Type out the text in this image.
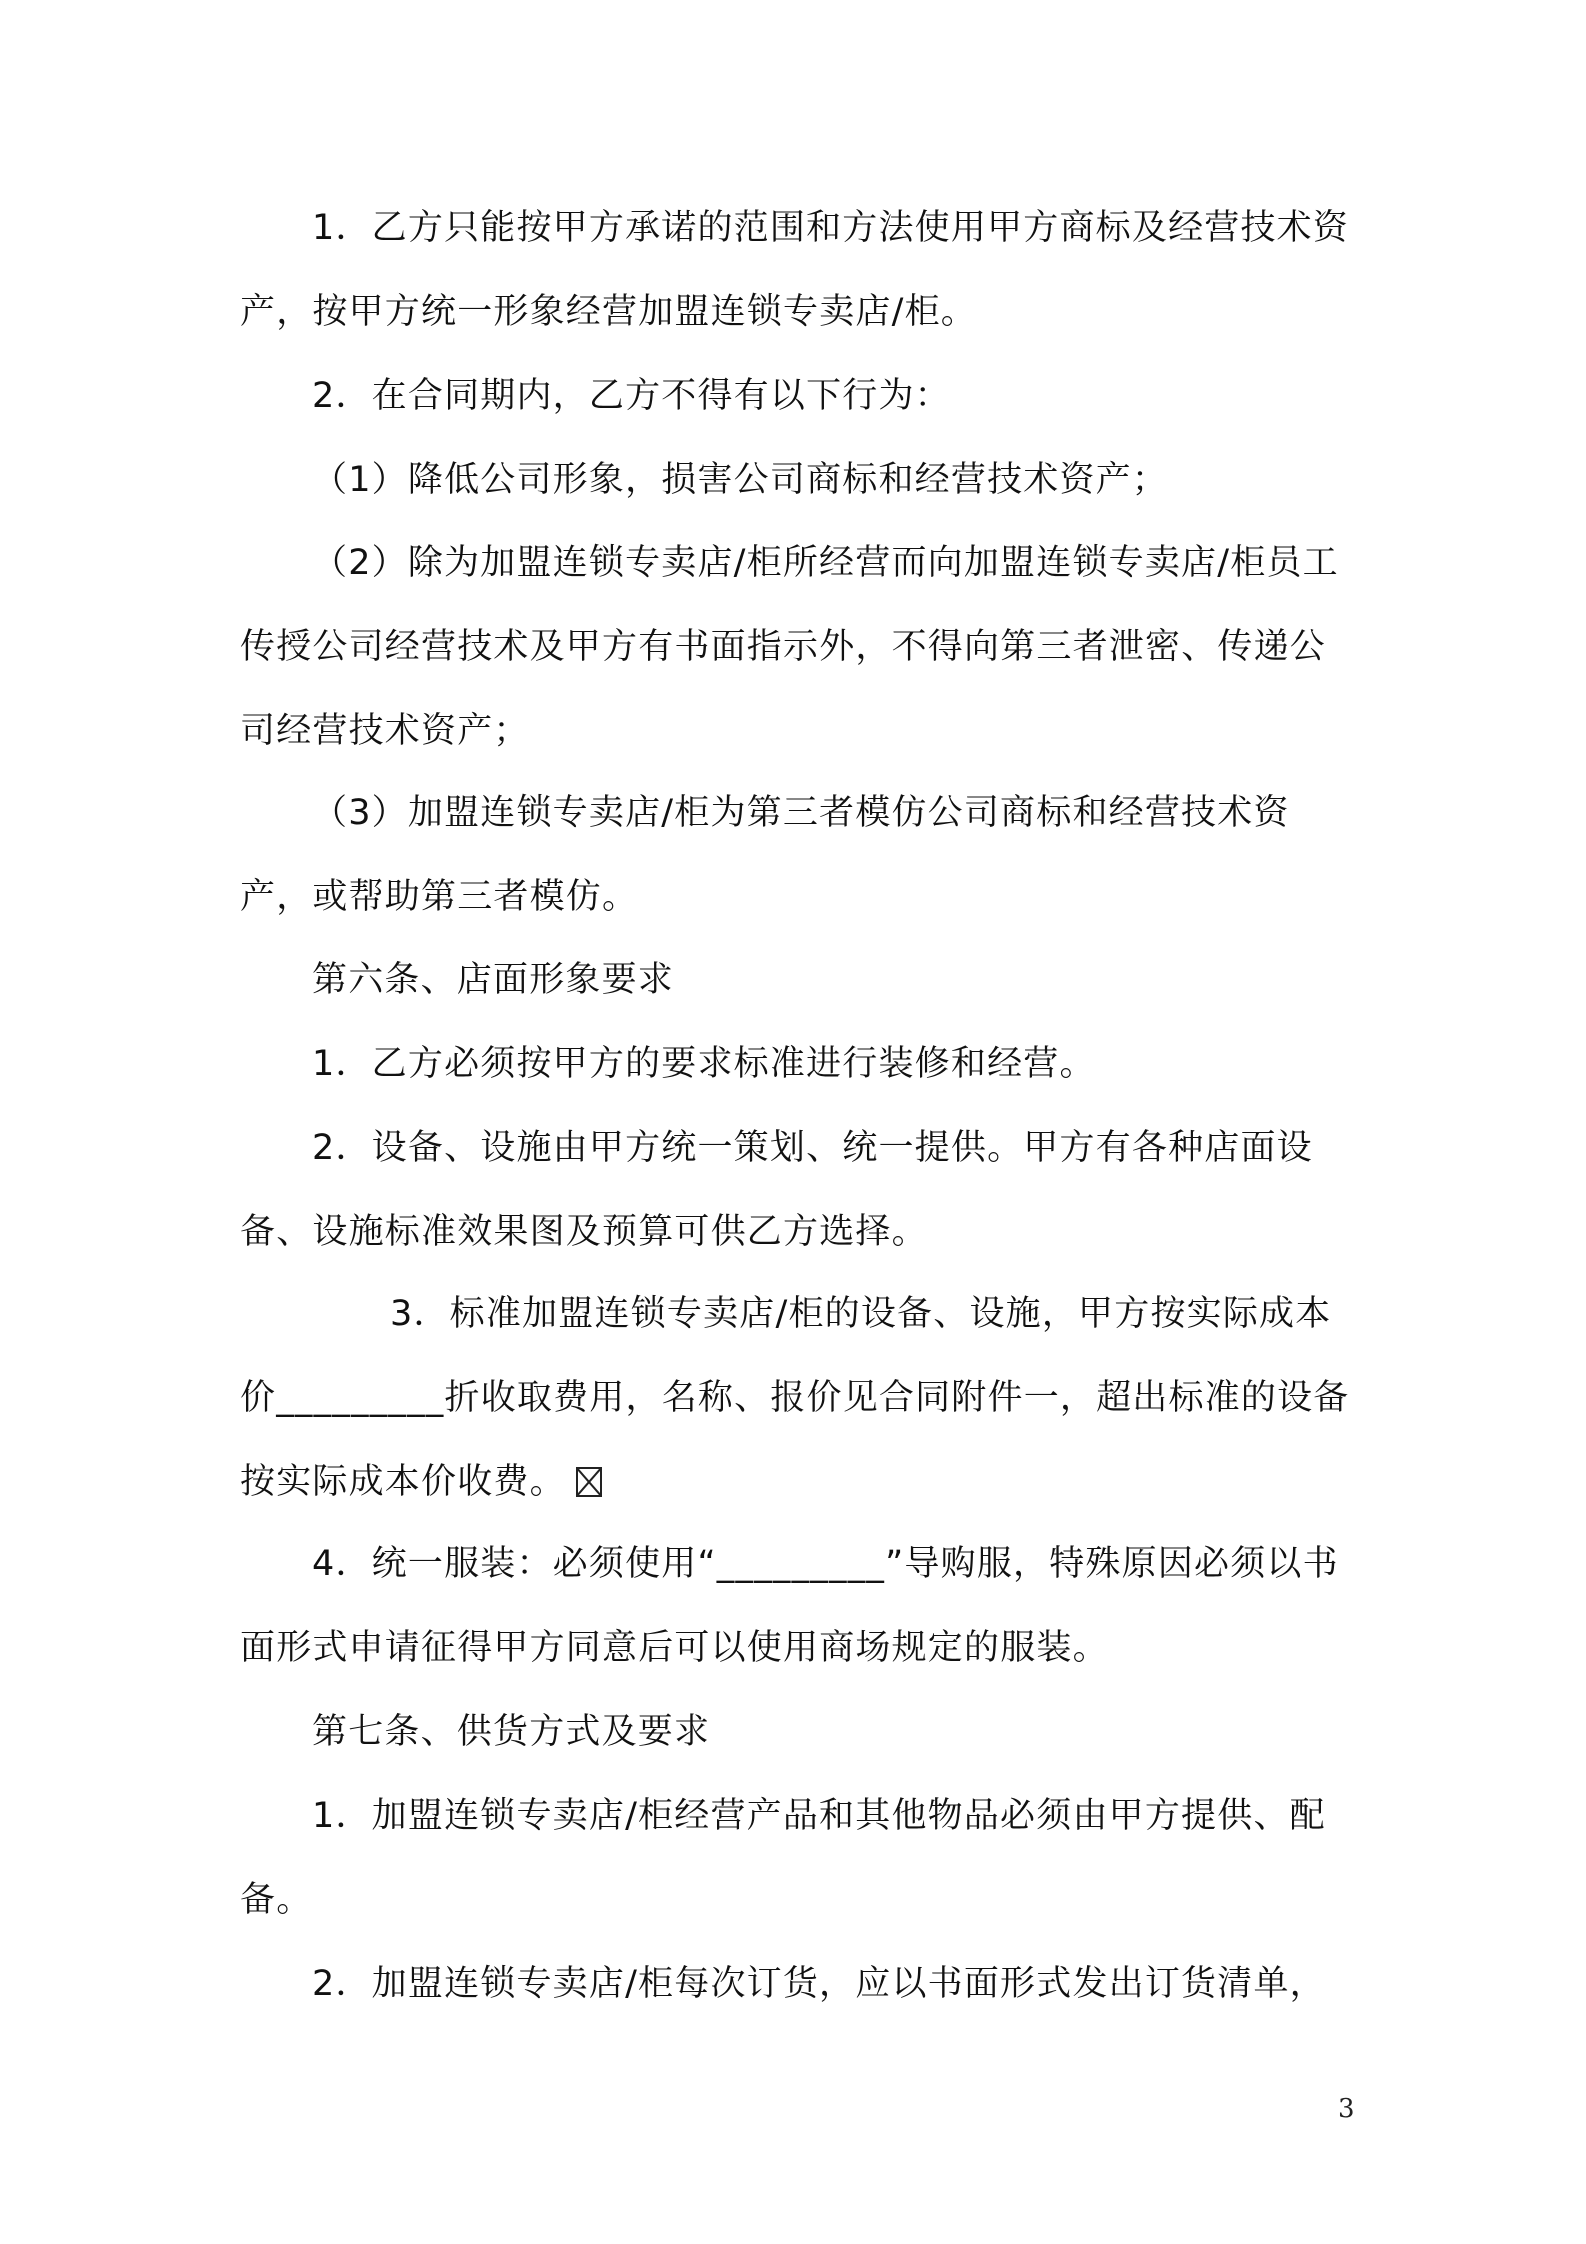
1．乙方只能按甲方承诺的范围和方法使用甲方商标及经营技术资产，按甲方统一形象经营加盟连锁专卖店/柜。
2．在合同期内，乙方不得有以下行为：
（1）降低公司形象，损害公司商标和经营技术资产；
（2）除为加盟连锁专卖店/柜所经营而向加盟连锁专卖店/柜员工传授公司经营技术及甲方有书面指示外，不得向第三者泄密、传递公司经营技术资产；
（3）加盟连锁专卖店/柜为第三者模仿公司商标和经营技术资产，或帮助第三者模仿。
第六条、店面形象要求
1．乙方必须按甲方的要求标准进行装修和经营。
2．设备、设施由甲方统一策划、统一提供。甲方有各种店面设备、设施标准效果图及预算可供乙方选择。
3．标准加盟连锁专卖店/柜的设备、设施，甲方按实际成本价_________折收取费用，名称、报价见合同附件一，超出标准的设备按实际成本价收费。
4．统一服装：必须使用“_________”导购服，特殊原因必须以书面形式申请征得甲方同意后可以使用商场规定的服装。
第七条、供货方式及要求
1．加盟连锁专卖店/柜经营产品和其他物品必须由甲方提供、配备。
2．加盟连锁专卖店/柜每次订货，应以书面形式发出订货清单，
3
